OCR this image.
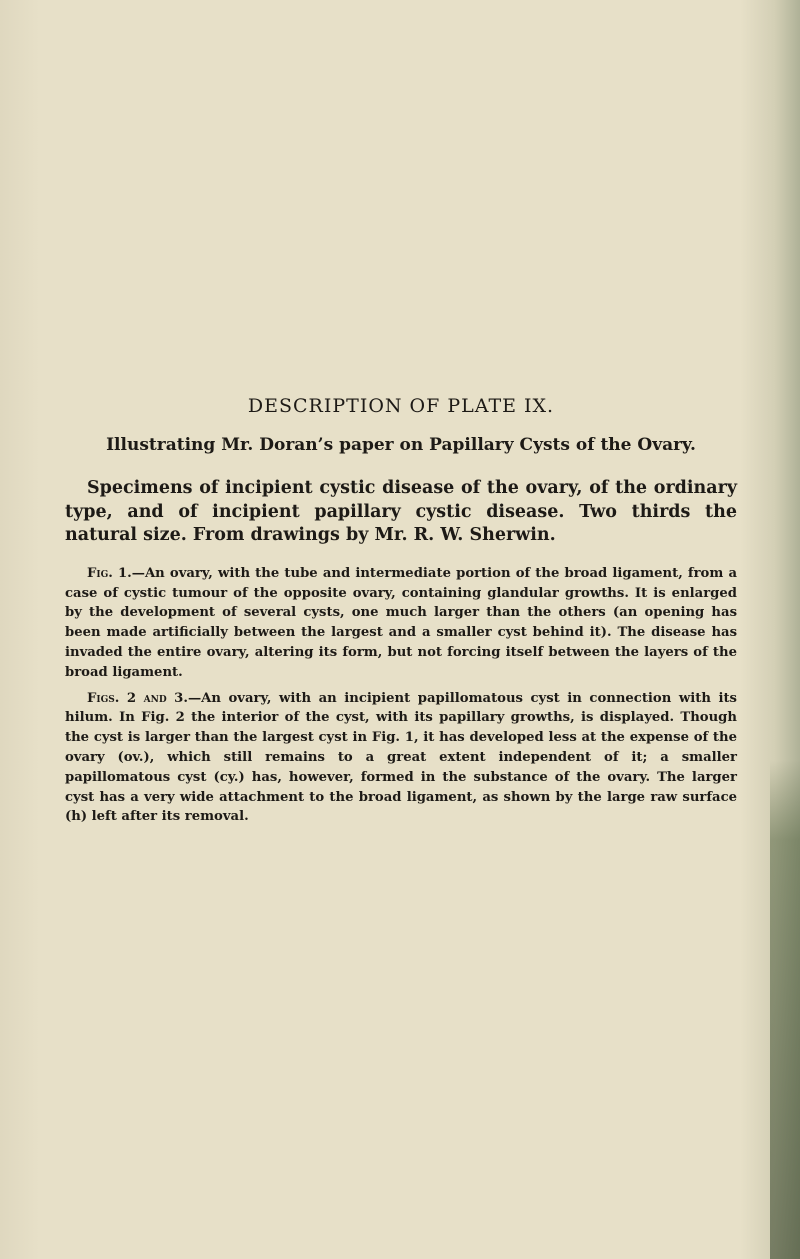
DESCRIPTION OF PLATE IX.

Illustrating Mr. Doran’s paper on Papillary Cysts of the Ovary.

Specimens of incipient cystic disease of the ovary, of the ordinary type, and of incipient papillary cystic disease. Two thirds the natural size. From drawings by Mr. R. W. Sherwin.

Fig. 1.—An ovary, with the tube and intermediate portion of the broad ligament, from a case of cystic tumour of the opposite ovary, containing glandular growths. It is enlarged by the development of several cysts, one much larger than the others (an opening has been made artificially between the largest and a smaller cyst behind it). The disease has invaded the entire ovary, altering its form, but not forcing itself between the layers of the broad ligament.

Figs. 2 and 3.—An ovary, with an incipient papillomatous cyst in connection with its hilum. In Fig. 2 the interior of the cyst, with its papillary growths, is displayed. Though the cyst is larger than the largest cyst in Fig. 1, it has developed less at the expense of the ovary (ov.), which still remains to a great extent independent of it; a smaller papillomatous cyst (cy.) has, however, formed in the substance of the ovary. The larger cyst has a very wide attachment to the broad ligament, as shown by the large raw surface (h) left after its removal.
